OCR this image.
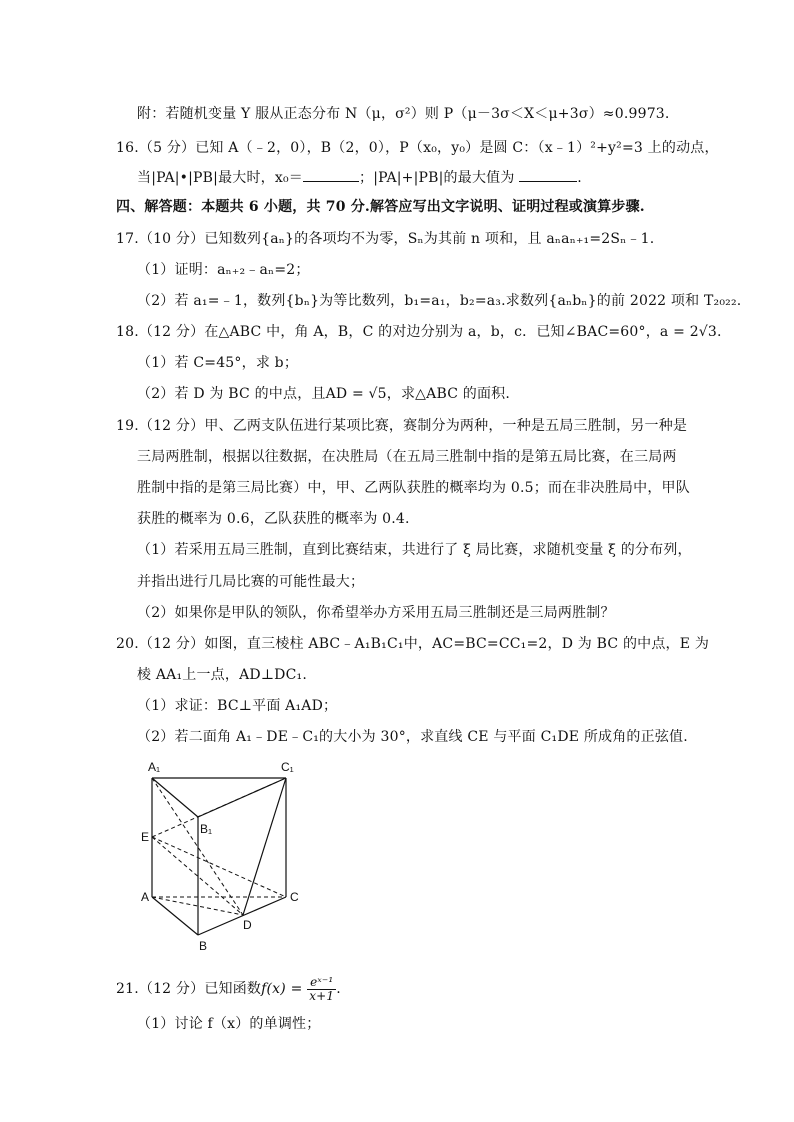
附：若随机变量 Y 服从正态分布 N（μ，σ²）则 P（μ－3σ＜X＜μ+3σ）≈0.9973.
16.（5 分）已知 A（﹣2，0），B（2，0），P（x₀，y₀）是圆 C：（x﹣1）²+y²=3 上的动点，
当|PA|•|PB|最大时，x₀＝	；|PA|+|PB|的最大值为	.
四、解答题：本题共 6 小题，共 70 分.解答应写出文字说明、证明过程或演算步骤.
17.（10 分）已知数列{aₙ}的各项均不为零，Sₙ为其前 n 项和，且 aₙaₙ₊₁=2Sₙ﹣1.
（1）证明：aₙ₊₂﹣aₙ=2；
（2）若 a₁=﹣1，数列{bₙ}为等比数列，b₁=a₁，b₂=a₃.求数列{aₙbₙ}的前 2022 项和 T₂₀₂₂.
18.（12 分）在△ABC 中，角 A，B，C 的对边分别为 a，b，c．已知∠BAC=60°，a = 2√3.
（1）若 C=45°，求 b；
（2）若 D 为 BC 的中点，且AD = √5，求△ABC 的面积.
19.（12 分）甲、乙两支队伍进行某项比赛，赛制分为两种，一种是五局三胜制，另一种是
三局两胜制，根据以往数据，在决胜局（在五局三胜制中指的是第五局比赛，在三局两
胜制中指的是第三局比赛）中，甲、乙两队获胜的概率均为 0.5；而在非决胜局中，甲队
获胜的概率为 0.6，乙队获胜的概率为 0.4.
（1）若采用五局三胜制，直到比赛结束，共进行了 ξ 局比赛，求随机变量 ξ 的分布列，
并指出进行几局比赛的可能性最大；
（2）如果你是甲队的领队，你希望举办方采用五局三胜制还是三局两胜制？
20.（12 分）如图，直三棱柱 ABC﹣A₁B₁C₁中，AC=BC=CC₁=2，D 为 BC 的中点，E 为
棱 AA₁上一点，AD⊥DC₁.
（1）求证：BC⊥平面 A₁AD；
（2）若二面角 A₁﹣DE﹣C₁的大小为 30°，求直线 CE 与平面 C₁DE 所成角的正弦值.
A₁	C₁
B₁
E
A	C
D
B
21.（12 分）已知函数$f(x) = \frac{\text{eˣ⁻¹}}{x+1}$ .
（1）讨论 f（x）的单调性；
